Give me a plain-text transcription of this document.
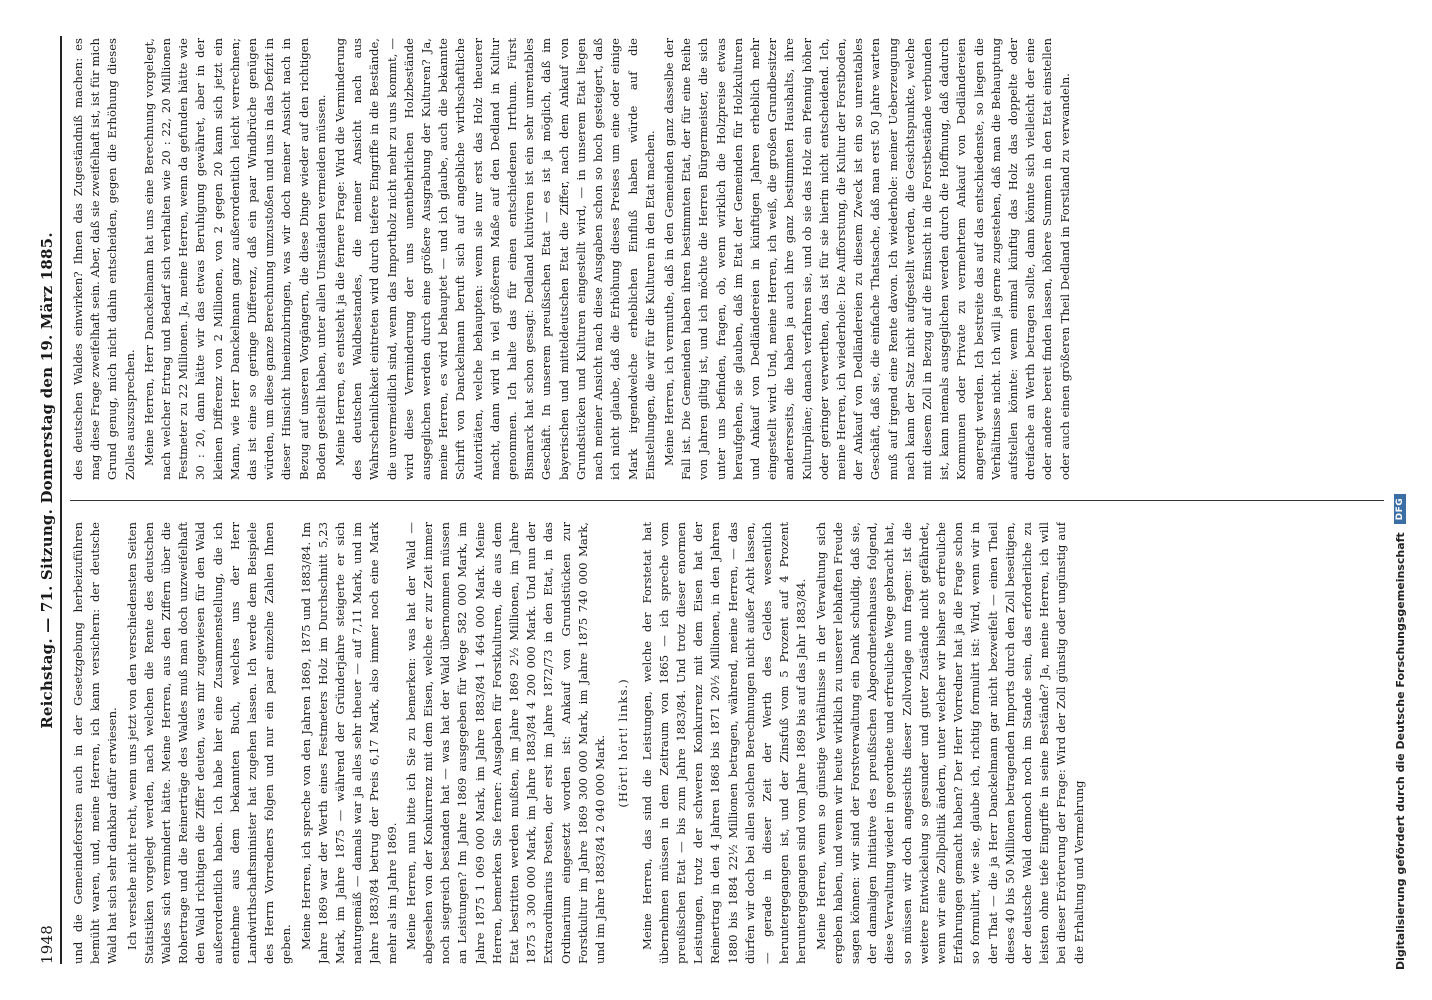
1948
Reichstag. — 71. Sitzung. Donnerstag den 19. März 1885.

und die Gemeindeforsten auch in der Gesetzgebung herbeizuführen bemüht waren, und, meine Herren, ich kann versichern: der deutsche Wald hat sich sehr dankbar dafür erwiesen. Ich verstehe nicht recht, wenn uns jetzt von den verschiedensten Seiten Statistiken vorgelegt werden, nach welchen die Rente des deutschen Waldes sich vermindert hätte. Meine Herren, aus den Ziffern über die Rohertrage und die Reinerträge des Waldes muß man doch unzweifelhaft den Wald richtigen die Ziffer deuten, was mir zugewiesen für den Wald außerordentlich haben. Ich habe hier eine Zusammenstellung, die ich entnehme aus dem bekannten Buch, welches uns der Herr Landwirthschaftsminister hat zugehen lassen. Ich werde dem Beispiele des Herrn Vorredners folgen und nur ein paar einzelne Zahlen Ihnen geben. Meine Herren, ich spreche von den Jahren 1869, 1875 und 1883/84. Im Jahre 1869 war der Werth eines Festmeters Holz im Durchschnitt 5,23 Mark, im Jahre 1875 — während der Gründerjahre steigerte er sich naturgemäß — damals war ja alles sehr theuer — auf 7,11 Mark, und im Jahre 1883/84 betrug der Preis 6,17 Mark, also immer noch eine Mark mehr als im Jahre 1869. Meine Herren, nun bitte ich Sie zu bemerken: was hat der Wald — abgesehen von der Konkurrenz mit dem Eisen, welche er zur Zeit immer noch siegreich bestanden hat — was hat der Wald übernommen müssen an Leistungen? Im Jahre 1869 ausgegeben für Wege 582 000 Mark, im Jahre 1875 1 069 000 Mark, im Jahre 1883/84 1 464 000 Mark. Meine Herren, bemerken Sie ferner: Ausgaben für Forstkulturen, die aus dem Etat bestritten werden mußten, im Jahre 1869 2½ Millionen, im Jahre 1875 3 300 000 Mark, im Jahre 1883/84 4 200 000 Mark. Und nun der Extraordinarius Posten, der erst im Jahre 1872/73 in den Etat, in das Ordinarium eingesetzt worden ist: Ankauf von Grundstücken zur Forstkultur im Jahre 1869 300 000 Mark, im Jahre 1875 740 000 Mark, und im Jahre 1883/84 2 040 000 Mark. (Hört! hört! links.) Meine Herren, das sind die Leistungen, welche der Forstetat hat übernehmen müssen in dem Zeitraum von 1865 — ich spreche vom preußischen Etat — bis zum Jahre 1883/84. Und trotz dieser enormen Leistungen, trotz der schweren Konkurrenz mit dem Eisen hat der Reinertrag in den 4 Jahren 1868 bis 1871 20½ Millionen, in den Jahren 1880 bis 1884 22½ Millionen betragen, während, meine Herren, — das dürfen wir doch bei allen solchen Berechnungen nicht außer Acht lassen, — gerade in dieser Zeit der Werth des Geldes wesentlich heruntergegangen ist, und der Zinsfuß vom 5 Prozent auf 4 Prozent heruntergegangen sind vom Jahre 1869 bis auf das Jahr 1883/84. Meine Herren, wenn so günstige Verhältnisse in der Verwaltung sich ergeben haben, und wenn wir heute wirklich zu unserer lebhaften Freude sagen können: wir sind der Forstverwaltung ein Dank schuldig, daß sie, der damaligen Initiative des preußischen Abgeordnetenhauses folgend, diese Verwaltung wieder in geordnete und erfreuliche Wege gebracht hat, so müssen wir doch angesichts dieser Zollvorlage nun fragen: Ist die weitere Entwickelung so gesunder und guter Zustände nicht gefährdet, wenn wir eine Zollpolitik ändern, unter welcher wir bisher so erfreuliche Erfahrungen gemacht haben? Der Herr Vorredner hat ja die Frage schon so formulirt, wie sie, glaube ich, richtig formulirt ist: Wird, wenn wir in der That — die ja Herr Danckelmann gar nicht bezweifelt — einen Theil dieses 40 bis 50 Millionen betragenden Imports durch den Zoll beseitigen, der deutsche Wald dennoch noch im Stande sein, das erforderliche zu leisten ohne tiefe Eingriffe in seine Bestände? Ja, meine Herren, ich will bei dieser Erörterung der Frage: Wird der Zoll günstig oder ungünstig auf die Erhaltung und Vermehrung

des deutschen Waldes einwirken? Ihnen das Zugeständniß machen: es mag diese Frage zweifelhaft sein. Aber, daß sie zweifelhaft ist, ist für mich Grund genug, mich nicht dahin entscheiden, gegen die Erhöhung dieses Zolles auszusprechen. Meine Herren, Herr Danckelmann hat uns eine Berechnung vorgelegt, nach welcher Ertrag und Bedarf sich verhalten wie 20 : 22, 20 Millionen Festmeter zu 22 Millionen. Ja, meine Herren, wenn da gefunden hätte wie 30 : 20, dann hätte wir das etwas Beruhigung gewähret, aber in der kleinen Differenz von 2 Millionen, von 2 gegen 20 kann sich jetzt ein Mann, wie Herr Danckelmann ganz außerordentlich leicht verrechnen; das ist eine so geringe Differenz, daß ein paar Windbrüche genügen würden, um diese ganze Berechnung umzustoßen und uns in das Defizit in dieser Hinsicht hineinzubringen, was wir doch meiner Ansicht nach in Bezug auf unseren Vorgängern, die diese Dinge wieder auf den richtigen Boden gestellt haben, unter allen Umständen vermeiden müssen. Meine Herren, es entsteht ja die fernere Frage: Wird die Verminderung des deutschen Waldbestandes, die meiner Ansicht nach aus Wahrscheinlichkeit eintreten wird durch tiefere Eingriffe in die Bestände, die unvermeidlich sind, wenn das Importholz nicht mehr zu uns kommt, — wird diese Verminderung der uns unentbehrlichen Holzbestände ausgeglichen werden durch eine größere Ausgrabung der Kulturen? Ja, meine Herren, es wird behauptet — und ich glaube, auch die bekannte Schrift von Danckelmann beruft sich auf angebliche wirthschaftliche Autoritäten, welche behaupten: wenn sie nur erst das Holz theuerer macht, dann wird in viel größerem Maße auf den Dedland in Kultur genommen. Ich halte das für einen entschiedenen Irrthum. Fürst Bismarck hat schon gesagt: Dedland kultiviren ist ein sehr unrentables Geschäft. In unserem preußischen Etat — es ist ja möglich, daß im bayerischen und mitteldeutschen Etat die Ziffer, nach dem Ankauf von Grundstücken und Kulturen eingestellt wird, — in unserem Etat liegen nach meiner Ansicht nach diese Ausgaben schon so hoch gesteigert, daß ich nicht glaube, daß die Erhöhung dieses Preises um eine oder einige Mark irgendwelche erheblichen Einfluß haben würde auf die Einstellungen, die wir für die Kulturen in den Etat machen. Meine Herren, ich vermuthe, daß in den Gemeinden ganz dasselbe der Fall ist. Die Gemeinden haben ihren bestimmten Etat, der für eine Reihe von Jahren giltig ist, und ich möchte die Herren Bürgermeister, die sich unter uns befinden, fragen, ob, wenn wirklich die Holzpreise etwas heraufgehen, sie glauben, daß im Etat der Gemeinden für Holzkulturen und Ankauf von Dedländereien in künftigen Jahren erheblich mehr eingestellt wird. Und, meine Herren, ich weiß, die großen Grundbesitzer andererseits, die haben ja auch ihre ganz bestimmten Haushalts, ihre Kulturpläne; danach verfahren sie, und ob sie das Holz ein Pfennig höher oder geringer verwerthen, das ist für sie hierin nicht entscheidend. Ich, meine Herren, ich wiederhole: Die Aufforstung, die Kultur der Forstboden, der Ankauf von Dedländereien zu diesem Zweck ist ein so unrentables Geschäft, daß sie, die einfache Thatsache, daß man erst 50 Jahre warten muß auf irgend eine Rente davon. Ich wiederhole: meiner Ueberzeugung nach kann der Satz nicht aufgestellt werden, die Gesichtspunkte, welche mit diesem Zoll in Bezug auf die Einsicht in die Forstbestände verbunden ist, kann niemals ausgeglichen werden durch die Hoffnung, daß dadurch Kommunen oder Private zu vermehrtem Ankauf von Dedländereien angeregt werden. Ich bestreite das auf das entschiedenste, so liegen die Verhältnisse nicht. Ich will ja gerne zugestehen, daß man die Behauptung aufstellen könnte: wenn einmal künftig das Holz das doppelte oder dreifache an Werth betragen sollte, dann könnte sich vielleicht der eine oder andere bereit finden lassen, höhere Summen in den Etat einstellen oder auch einen größeren Theil Dedland in Forstland zu verwandeln.

Digitalisierung gefördert durch die Deutsche Forschungsgemeinschaft
DFG
